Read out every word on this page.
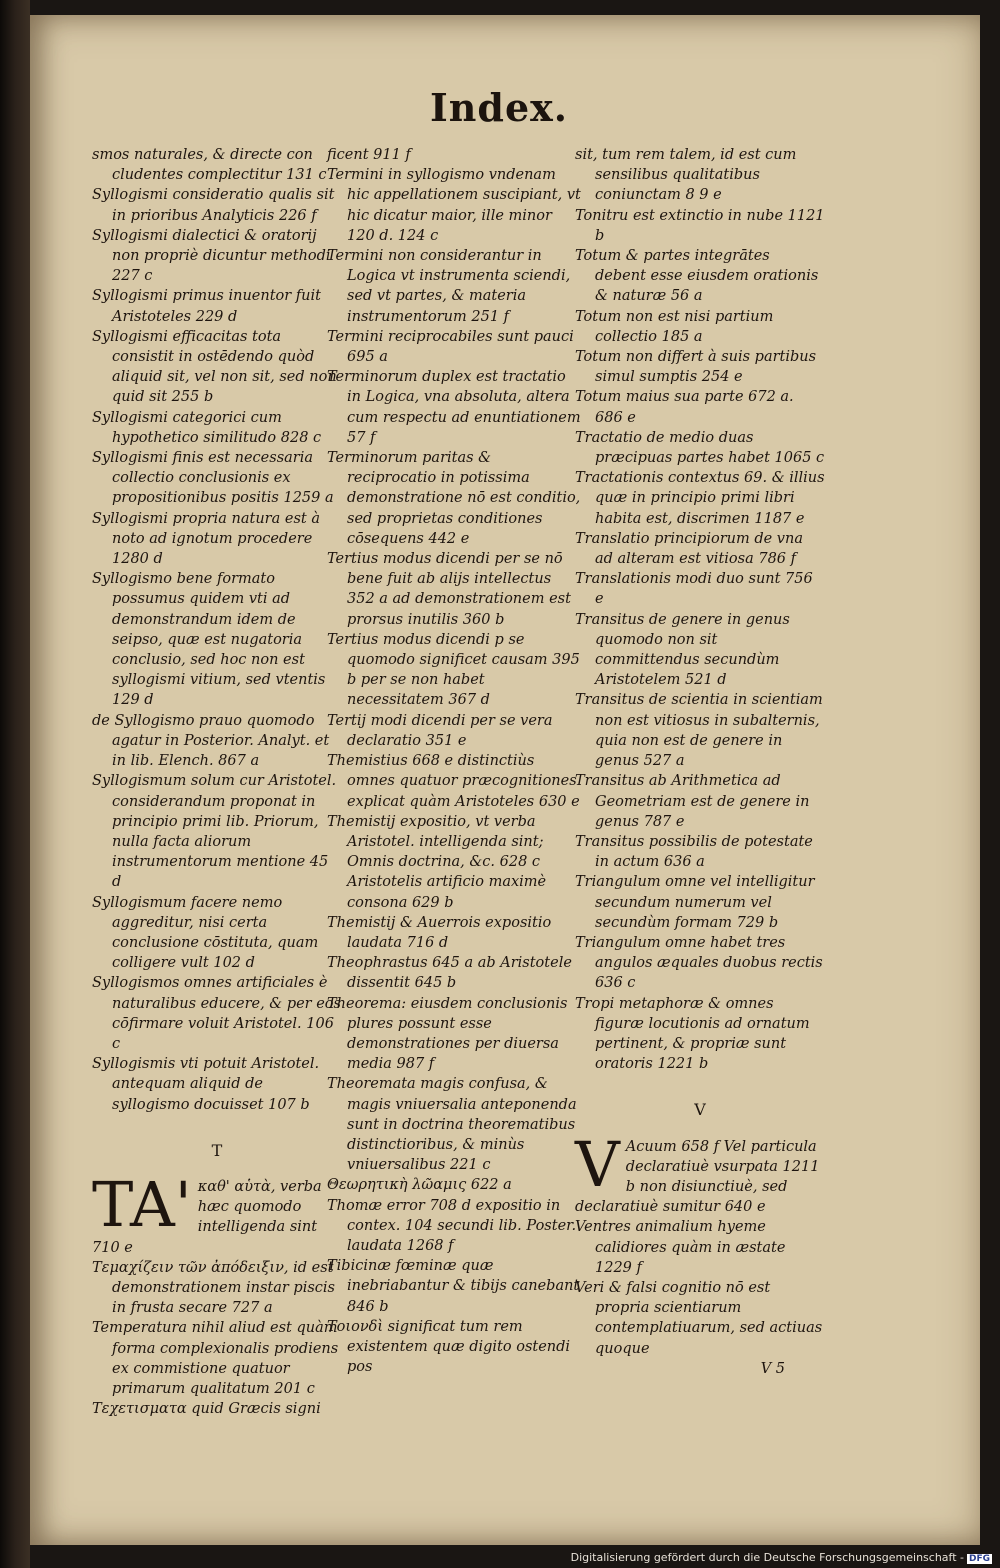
Index.
smos naturales, & directe con cludentes complectitur 131 c
Syllogismi consideratio qualis sit in prioribus Analyticis 226 f
Syllogismi dialectici & oratorij non propriè dicuntur methodi 227 c
Syllogismi primus inuentor fuit Aristoteles 229 d
Syllogismi efficacitas tota consistit in ostēdendo quòd aliquid sit, vel non sit, sed non quid sit 255 b
Syllogismi categorici cum hypothetico similitudo 828 c
Syllogismi finis est necessaria collectio conclusionis ex propositionibus positis 1259 a
Syllogismi propria natura est à noto ad ignotum procedere 1280 d
Syllogismo bene formato possumus quidem vti ad demonstrandum idem de seipso, quæ est nugatoria conclusio, sed hoc non est syllogismi vitium, sed vtentis 129 d
de Syllogismo prauo quomodo agatur in Posterior. Analyt. et in lib. Elench. 867 a
Syllogismum solum cur Aristotel. considerandum proponat in principio primi lib. Priorum, nulla facta aliorum instrumentorum mentione 45 d
Syllogismum facere nemo aggreditur, nisi certa conclusione cōstituta, quam colligere vult 102 d
Syllogismos omnes artificiales è naturalibus educere, & per eos cōfirmare voluit Aristotel. 106 c
Syllogismis vti potuit Aristotel. antequam aliquid de syllogismo docuisset 107 b
T
TA' καθ' αὑτὰ, verba hæc quomodo intelligenda sint 710 e
Τεμαχίζειν τῶν ἀπόδειξιν, id est demonstrationem instar piscis in frusta secare 727 a
Temperatura nihil aliud est quàm forma complexionalis prodiens ex commistione quatuor primarum qualitatum 201 c
Τεχετισματα quid Græcis signi
ficent 911 f
Termini in syllogismo vndenam hic appellationem suscipiant, vt hic dicatur maior, ille minor 120 d. 124 c
Termini non considerantur in Logica vt instrumenta sciendi, sed vt partes, & materia instrumentorum 251 f
Termini reciprocabiles sunt pauci 695 a
Terminorum duplex est tractatio in Logica, vna absoluta, altera cum respectu ad enuntiationem 57 f
Terminorum paritas & reciprocatio in potissima demonstratione nō est conditio, sed proprietas conditiones cōsequens 442 e
Tertius modus dicendi per se nō bene fuit ab alijs intellectus 352 a ad demonstrationem est prorsus inutilis 360 b
Tertius modus dicendi p se quomodo significet causam 395 b per se non habet necessitatem 367 d
Tertij modi dicendi per se vera declaratio 351 e
Themistius 668 e distinctiùs omnes quatuor præcognitiones explicat quàm Aristoteles 630 e
Themistij expositio, vt verba Aristotel. intelligenda sint; Omnis doctrina, &c. 628 c Aristotelis artificio maximè consona 629 b
Themistij & Auerrois expositio laudata 716 d
Theophrastus 645 a ab Aristotele dissentit 645 b
Theorema: eiusdem conclusionis plures possunt esse demonstrationes per diuersa media 987 f
Theoremata magis confusa, & magis vniuersalia anteponenda sunt in doctrina theorematibus distinctioribus, & minùs vniuersalibus 221 c
Θεωρητικὴ λῶαμις 622 a
Thomæ error 708 d expositio in contex. 104 secundi lib. Poster. laudata 1268 f
Tibicinæ fœminæ quæ inebriabantur & tibijs canebant 846 b
Τοιονδὶ significat tum rem existentem quæ digito ostendi pos
sit, tum rem talem, id est cum sensilibus qualitatibus coniunctam 8 9 e
Tonitru est extinctio in nube 1121 b
Totum & partes integrātes debent esse eiusdem orationis & naturæ 56 a
Totum non est nisi partium collectio 185 a
Totum non differt à suis partibus simul sumptis 254 e
Totum maius sua parte 672 a. 686 e
Tractatio de medio duas præcipuas partes habet 1065 c
Tractationis contextus 69. & illius quæ in principio primi libri habita est, discrimen 1187 e
Translatio principiorum de vna ad alteram est vitiosa 786 f
Translationis modi duo sunt 756 e
Transitus de genere in genus quomodo non sit committendus secundùm Aristotelem 521 d
Transitus de scientia in scientiam non est vitiosus in subalternis, quia non est de genere in genus 527 a
Transitus ab Arithmetica ad Geometriam est de genere in genus 787 e
Transitus possibilis de potestate in actum 636 a
Triangulum omne vel intelligitur secundum numerum vel secundùm formam 729 b
Triangulum omne habet tres angulos æquales duobus rectis 636 c
Tropi metaphoræ & omnes figuræ locutionis ad ornatum pertinent, & propriæ sunt oratoris 1221 b
V
V Acuum 658 f Vel particula declaratiuè vsurpata 1211 b non disiunctiuè, sed declaratiuè sumitur 640 e
Ventres animalium hyeme calidiores quàm in æstate 1229 f
Veri & falsi cognitio nō est propria scientiarum contemplatiuarum, sed actiuas quoque
V 5
Digitalisierung gefördert durch die Deutsche Forschungsgemeinschaft - DFG
